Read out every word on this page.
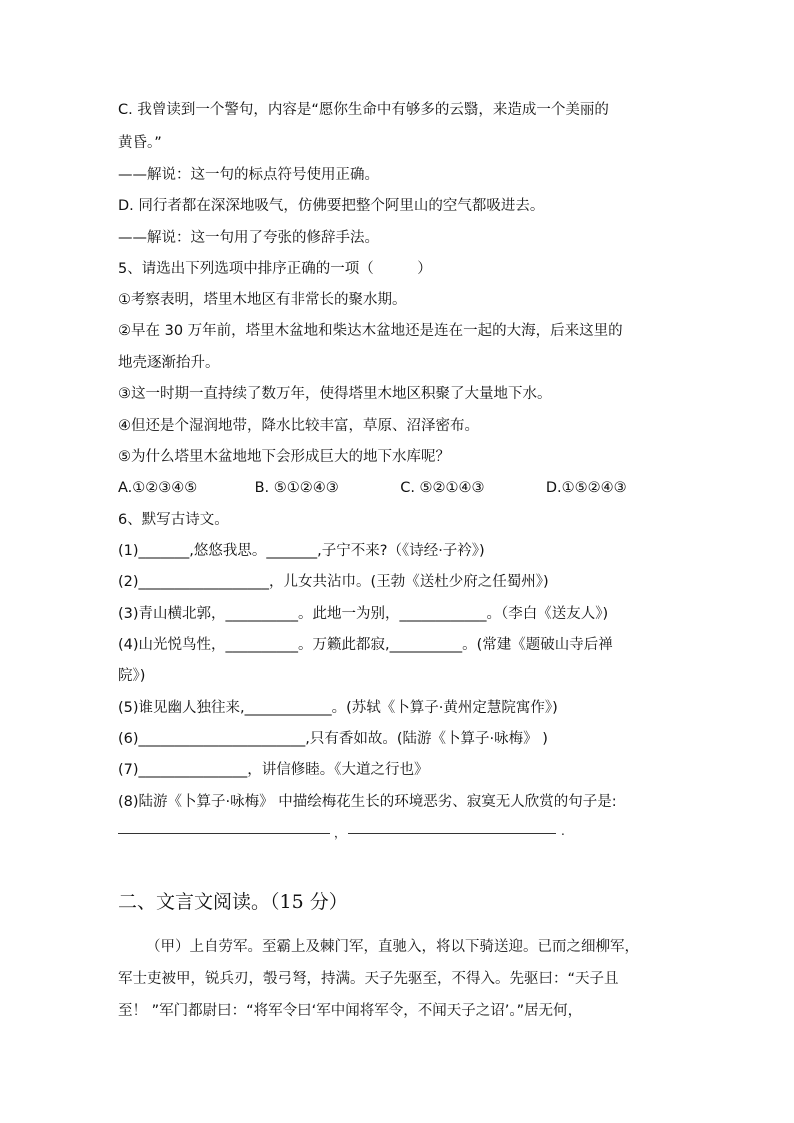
C. 我曾读到一个警句，内容是“愿你生命中有够多的云翳，来造成一个美丽的
黄昏。”
——解说：这一句的标点符号使用正确。
D. 同行者都在深深地吸气，仿佛要把整个阿里山的空气都吸进去。
——解说：这一句用了夸张的修辞手法。
5、请选出下列选项中排序正确的一项（　　　）
①考察表明，塔里木地区有非常长的聚水期。
②早在 30 万年前，塔里木盆地和柴达木盆地还是连在一起的大海，后来这里的
地壳逐渐抬升。
③这一时期一直持续了数万年，使得塔里木地区积聚了大量地下水。
④但还是个湿润地带，降水比较丰富，草原、沼泽密布。
⑤为什么塔里木盆地地下会形成巨大的地下水库呢？
A.①②③④⑤	B. ⑤①②④③	C. ⑤②①④③	D.①⑤②④③
6、默写古诗文。
(1)_______,悠悠我思。_______,子宁不来?（《诗经·子衿》)
(2)__________________，儿女共沾巾。(王勃《送杜少府之任蜀州》)
(3)青山横北郭，__________。此地一为别，____________。（李白《送友人》)
(4)山光悦鸟性，__________。万籁此都寂,__________。(常建《题破山寺后禅
院》)
(5)谁见幽人独往来,____________。(苏轼《卜算子·黄州定慧院寓作》)
(6)_______________________,只有香如故。(陆游《卜算子·咏梅》 )
(7)_______________，讲信修睦。《大道之行也》
(8)陆游《卜算子·咏梅》 中描绘梅花生长的环境恶劣、寂寞无人欣赏的句子是:
，	.
二、文言文阅读。（15 分）
（甲）上自劳军。至霸上及棘门军，直驰入，将以下骑送迎。已而之细柳军，
军士吏被甲，锐兵刃，彀弓弩，持满。天子先驱至，不得入。先驱曰：“天子且
至！ ”军门都尉曰：“将军令曰‘军中闻将军令，不闻天子之诏’。”居无何，
